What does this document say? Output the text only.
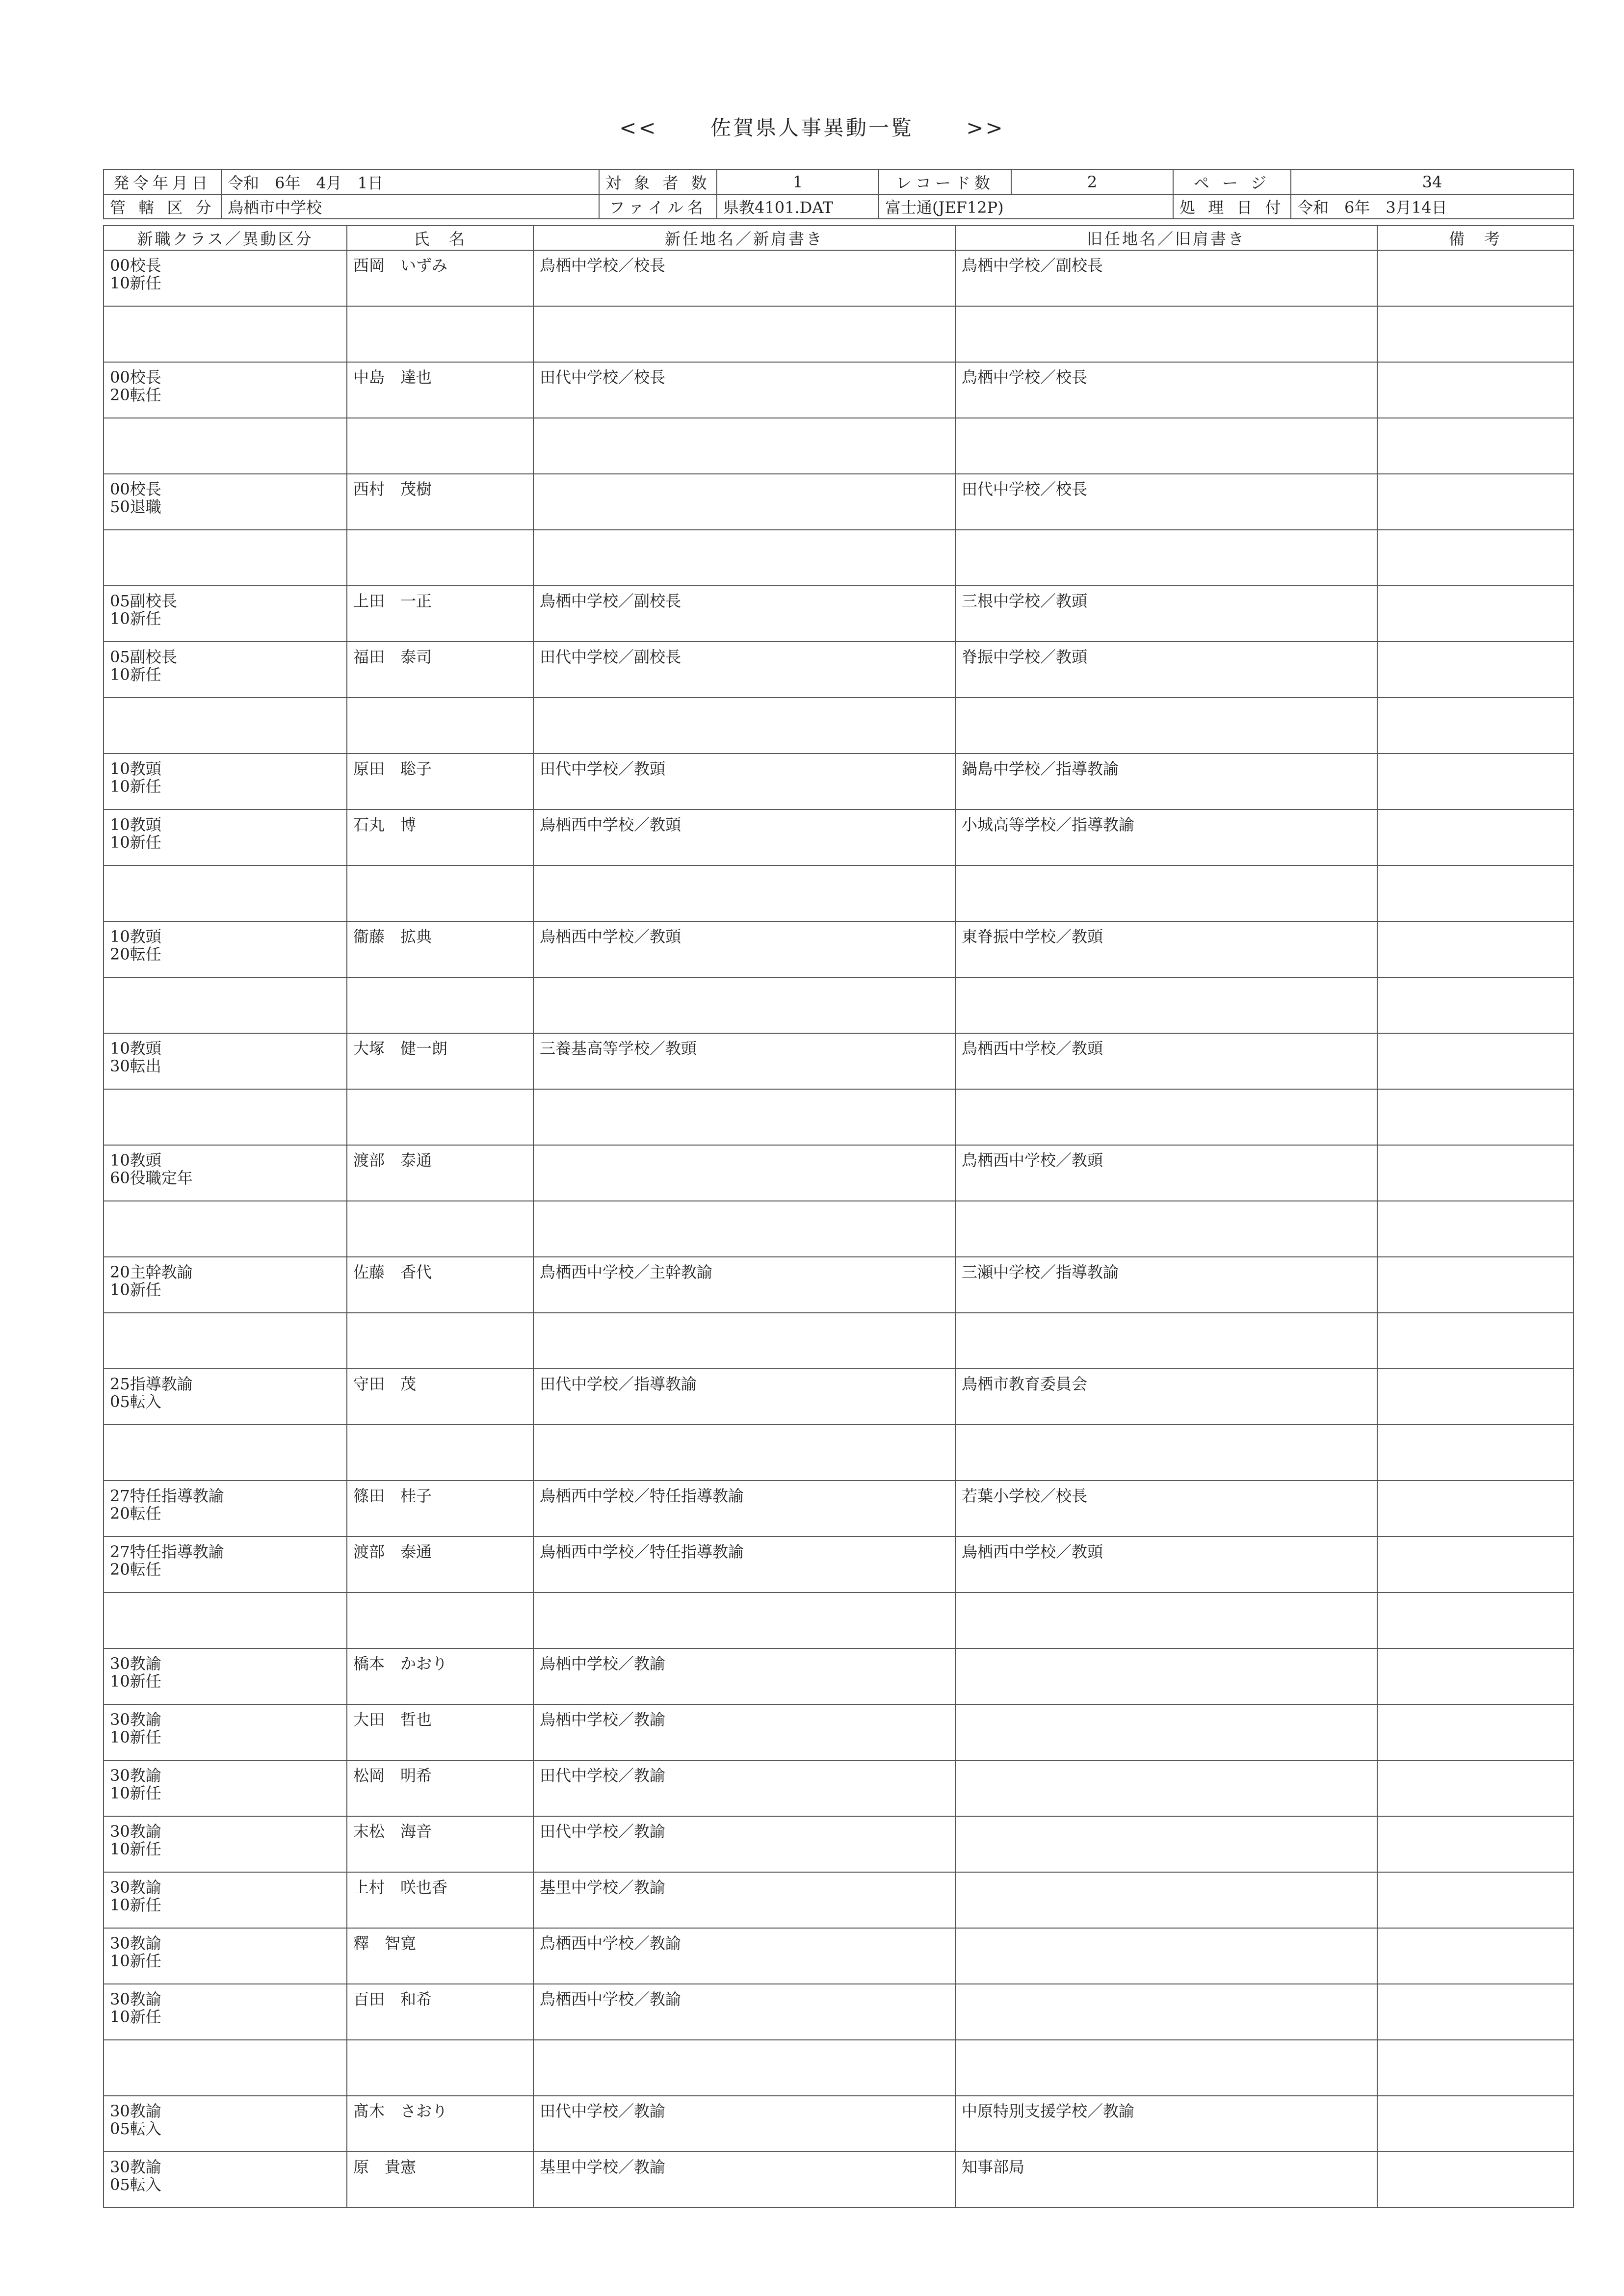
<<	佐賀県人事異動一覧	>>
発令年月日	令和　6年　4月　1日	対 象 者 数	1	レコード数	2	ペ ー ジ	34
管 轄 区 分	鳥栖市中学校	ファイル名	県教4101.DAT	富士通(JEF12P)		処 理 日 付	令和　6年　3月14日
新職クラス／異動区分	氏　名	新任地名／新肩書き	旧任地名／旧肩書き	備　考

00校長
10新任	西岡　いずみ	鳥栖中学校／校長	鳥栖中学校／副校長	

00校長
20転任	中島　達也	田代中学校／校長	鳥栖中学校／校長	

00校長
50退職	西村　茂樹		田代中学校／校長	

05副校長
10新任	上田　一正	鳥栖中学校／副校長	三根中学校／教頭	

05副校長
10新任	福田　泰司	田代中学校／副校長	脊振中学校／教頭	

10教頭
10新任	原田　聡子	田代中学校／教頭	鍋島中学校／指導教諭	

10教頭
10新任	石丸　博	鳥栖西中学校／教頭	小城高等学校／指導教諭	

10教頭
20転任	衞藤　拡典	鳥栖西中学校／教頭	東脊振中学校／教頭	

10教頭
30転出	大塚　健一朗	三養基高等学校／教頭	鳥栖西中学校／教頭	

10教頭
60役職定年	渡部　泰通		鳥栖西中学校／教頭	

20主幹教諭
10新任	佐藤　香代	鳥栖西中学校／主幹教諭	三瀬中学校／指導教諭	

25指導教諭
05転入	守田　茂	田代中学校／指導教諭	鳥栖市教育委員会	

27特任指導教諭
20転任	篠田　桂子	鳥栖西中学校／特任指導教諭	若葉小学校／校長	

27特任指導教諭
20転任	渡部　泰通	鳥栖西中学校／特任指導教諭	鳥栖西中学校／教頭	

30教諭
10新任	橋本　かおり	鳥栖中学校／教諭		

30教諭
10新任	大田　哲也	鳥栖中学校／教諭		

30教諭
10新任	松岡　明希	田代中学校／教諭		

30教諭
10新任	末松　海音	田代中学校／教諭		

30教諭
10新任	上村　咲也香	基里中学校／教諭		

30教諭
10新任	釋　智寛	鳥栖西中学校／教諭		

30教諭
10新任	百田　和希	鳥栖西中学校／教諭		

30教諭
05転入	髙木　さおり	田代中学校／教諭	中原特別支援学校／教諭	

30教諭
05転入	原　貴憲	基里中学校／教諭	知事部局	
